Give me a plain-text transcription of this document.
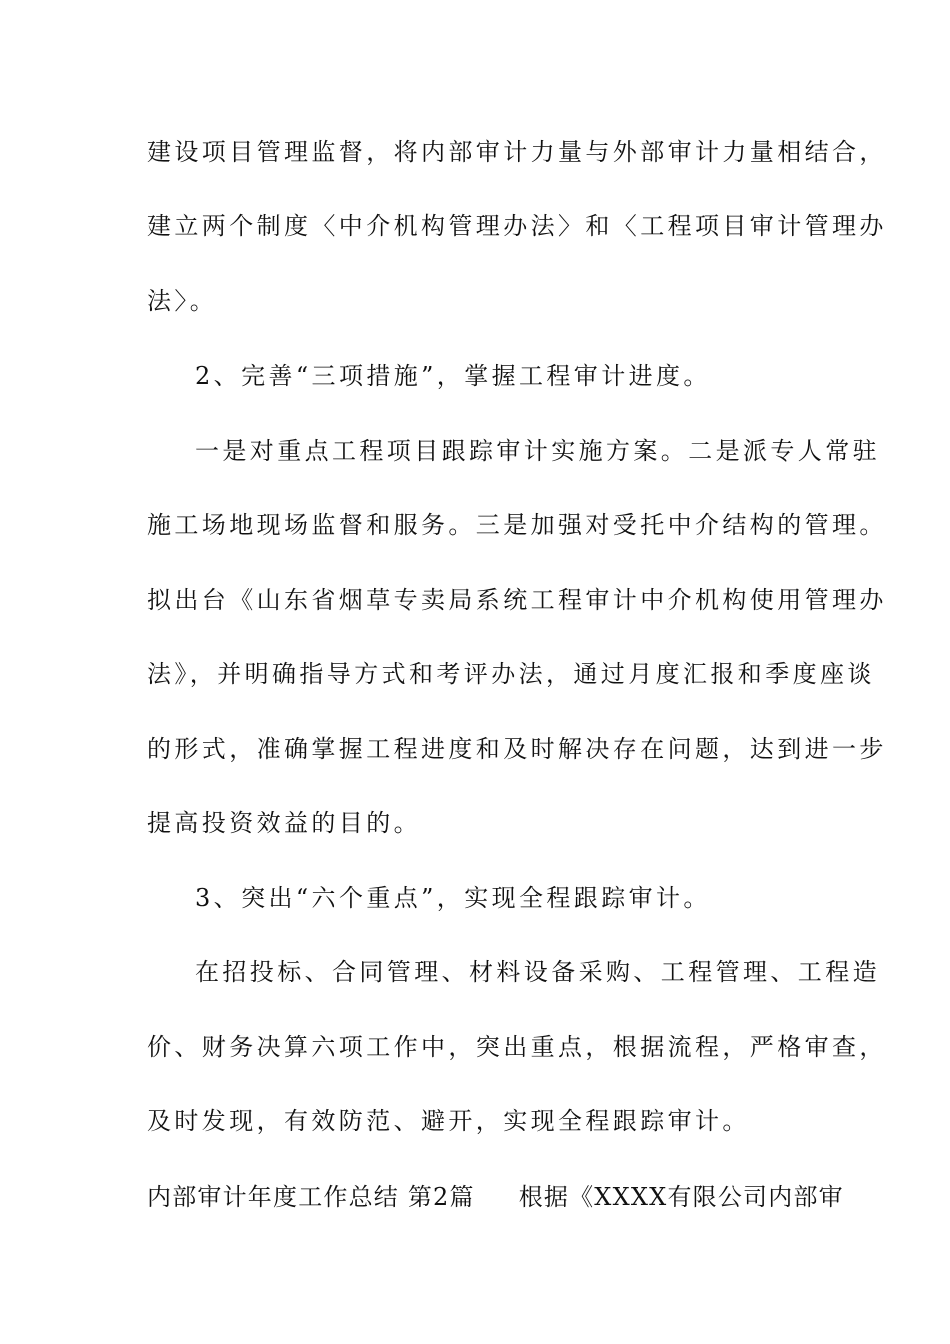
建设项目管理监督，将内部审计力量与外部审计力量相结合，
建立两个制度〈中介机构管理办法〉和〈工程项目审计管理办
法〉。
2、完善“三项措施”，掌握工程审计进度。
一是对重点工程项目跟踪审计实施方案。二是派专人常驻
施工场地现场监督和服务。三是加强对受托中介结构的管理。
拟出台《山东省烟草专卖局系统工程审计中介机构使用管理办
法》，并明确指导方式和考评办法，通过月度汇报和季度座谈
的形式，准确掌握工程进度和及时解决存在问题，达到进一步
提高投资效益的目的。
3、突出“六个重点”，实现全程跟踪审计。
在招投标、合同管理、材料设备采购、工程管理、工程造
价、财务决算六项工作中，突出重点，根据流程，严格审查，
及时发现，有效防范、避开，实现全程跟踪审计。
内部审计年度工作总结 第2篇 根据《XXXX有限公司内部审
